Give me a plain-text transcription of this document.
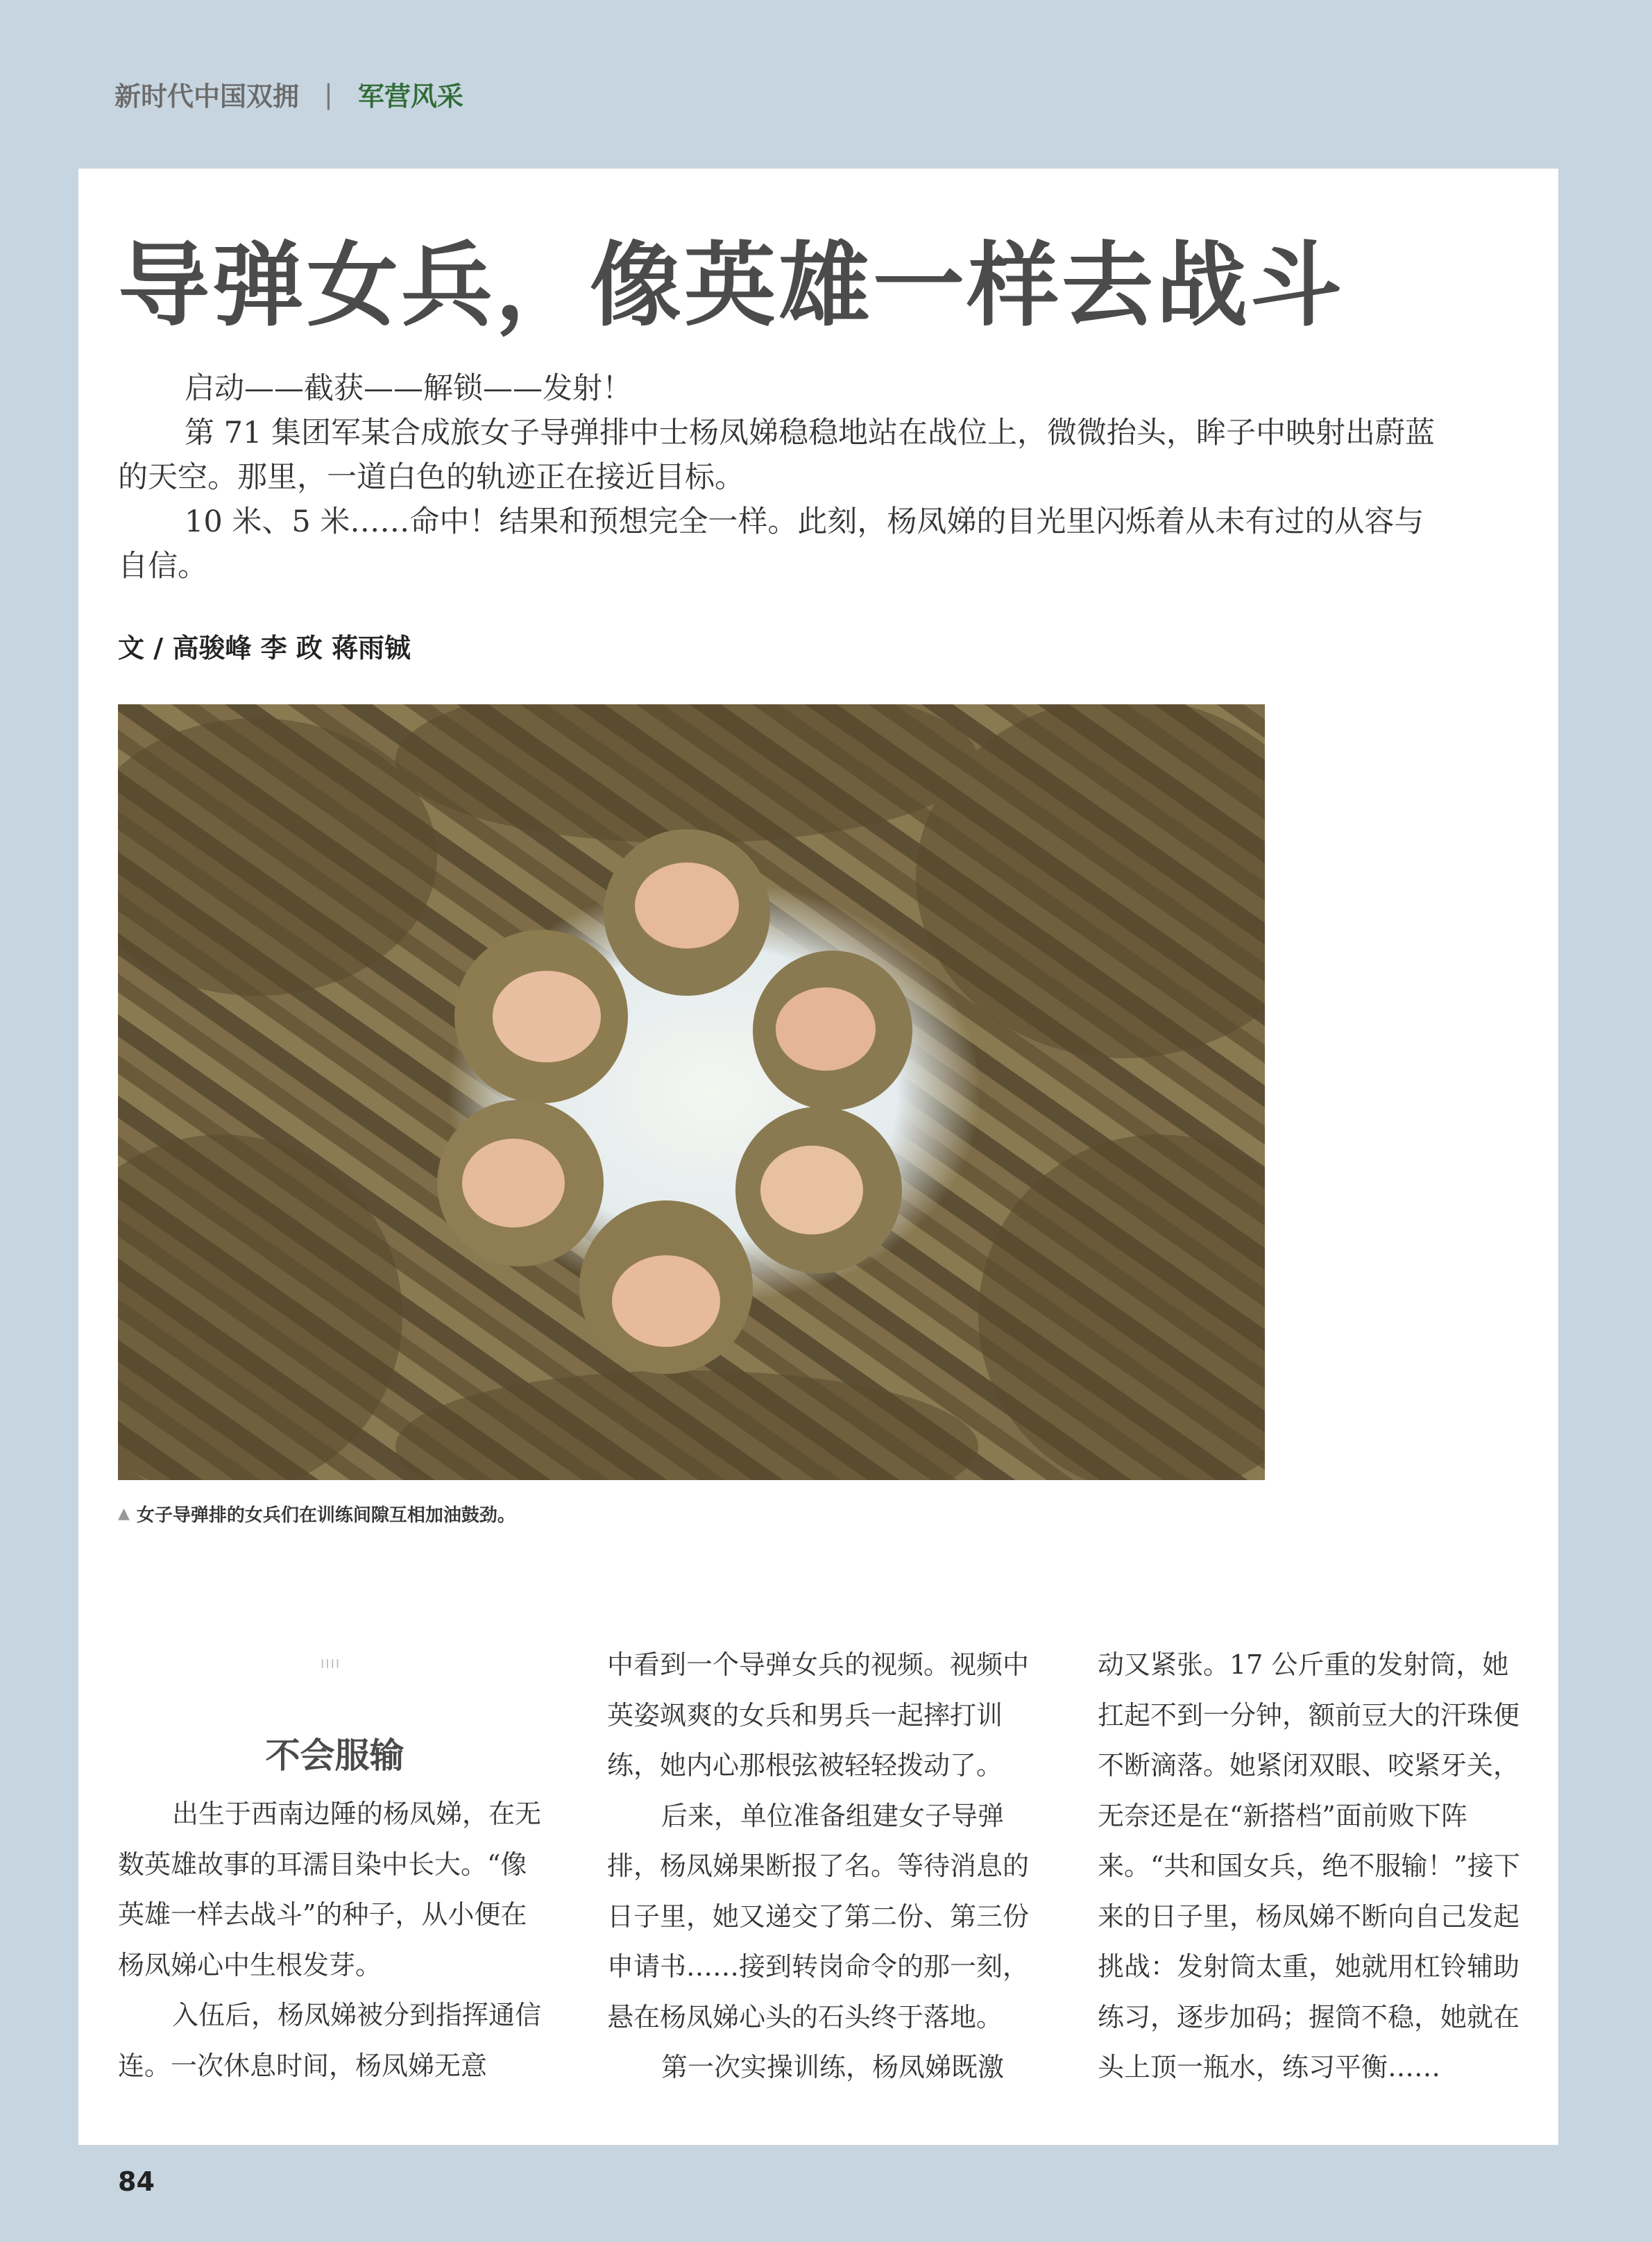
新时代中国双拥 | 军营风采
导弹女兵，像英雄一样去战斗

启动——截获——解锁——发射！

第 71 集团军某合成旅女子导弹排中士杨凤娣稳稳地站在战位上，微微抬头，眸子中映射出蔚蓝的天空。那里，一道白色的轨迹正在接近目标。

10 米、5 米……命中！结果和预想完全一样。此刻，杨凤娣的目光里闪烁着从未有过的从容与自信。

文 / 高骏峰 李 政 蒋雨铖
▲ 女子导弹排的女兵们在训练间隙互相加油鼓劲。
IIII
不会服输

出生于西南边陲的杨凤娣，在无数英雄故事的耳濡目染中长大。“像英雄一样去战斗”的种子，从小便在杨凤娣心中生根发芽。

入伍后，杨凤娣被分到指挥通信连。一次休息时间，杨凤娣无意

中看到一个导弹女兵的视频。视频中英姿飒爽的女兵和男兵一起摔打训练，她内心那根弦被轻轻拨动了。

后来，单位准备组建女子导弹排，杨凤娣果断报了名。等待消息的日子里，她又递交了第二份、第三份申请书……接到转岗命令的那一刻，悬在杨凤娣心头的石头终于落地。

第一次实操训练，杨凤娣既激

动又紧张。17 公斤重的发射筒，她扛起不到一分钟，额前豆大的汗珠便不断滴落。她紧闭双眼、咬紧牙关，无奈还是在“新搭档”面前败下阵来。“共和国女兵，绝不服输！”接下来的日子里，杨凤娣不断向自己发起挑战：发射筒太重，她就用杠铃辅助练习，逐步加码；握筒不稳，她就在头上顶一瓶水，练习平衡……

84
